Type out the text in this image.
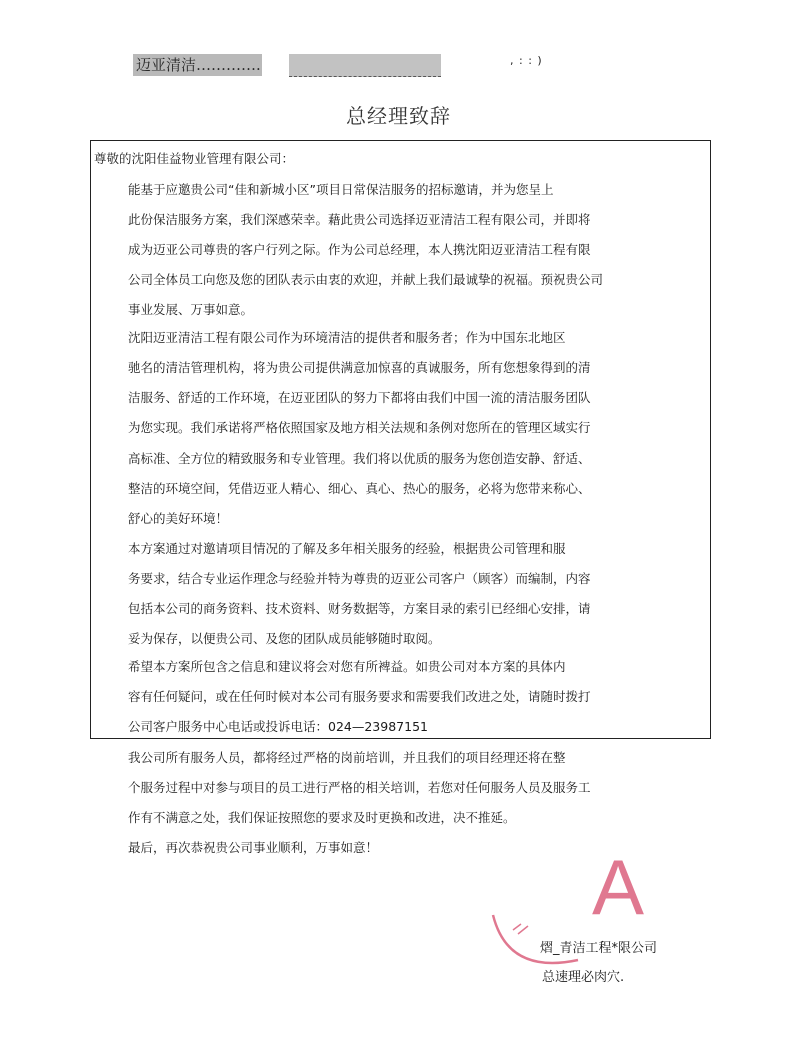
迈亚清洁………….	, : : )
总经理致辞
尊敬的沈阳佳益物业管理有限公司：
能基于应邀贵公司“佳和新城小区”项目日常保洁服务的招标邀请，并为您呈上
此份保洁服务方案，我们深感荣幸。藉此贵公司选择迈亚清洁工程有限公司，并即将
成为迈亚公司尊贵的客户行列之际。作为公司总经理，本人携沈阳迈亚清洁工程有限
公司全体员工向您及您的团队表示由衷的欢迎，并献上我们最诚挚的祝福。预祝贵公司
事业发展、万事如意。
沈阳迈亚清洁工程有限公司作为环境清洁的提供者和服务者；作为中国东北地区
驰名的清洁管理机构，将为贵公司提供满意加惊喜的真诚服务，所有您想象得到的清
洁服务、舒适的工作环境，在迈亚团队的努力下都将由我们中国一流的清洁服务团队
为您实现。我们承诺将严格依照国家及地方相关法规和条例对您所在的管理区域实行
高标准、全方位的精致服务和专业管理。我们将以优质的服务为您创造安静、舒适、
整洁的环境空间，凭借迈亚人精心、细心、真心、热心的服务，必将为您带来称心、
舒心的美好环境！
本方案通过对邀请项目情况的了解及多年相关服务的经验，根据贵公司管理和服
务要求，结合专业运作理念与经验并特为尊贵的迈亚公司客户（顾客）而编制，内容
包括本公司的商务资料、技术资料、财务数据等，方案目录的索引已经细心安排，请
妥为保存，以便贵公司、及您的团队成员能够随时取阅。
希望本方案所包含之信息和建议将会对您有所裨益。如贵公司对本方案的具体内
容有任何疑问，或在任何时候对本公司有服务要求和需要我们改进之处，请随时拨打
公司客户服务中心电话或投诉电话：024—23987151
我公司所有服务人员，都将经过严格的岗前培训，并且我们的项目经理还将在整
个服务过程中对参与项目的员工进行严格的相关培训，若您对任何服务人员及服务工
作有不满意之处，我们保证按照您的要求及时更换和改进，决不推延。
最后，再次恭祝贵公司事业顺利，万事如意！	A
熠_青洁工程*限公司
总速理必肉穴.
